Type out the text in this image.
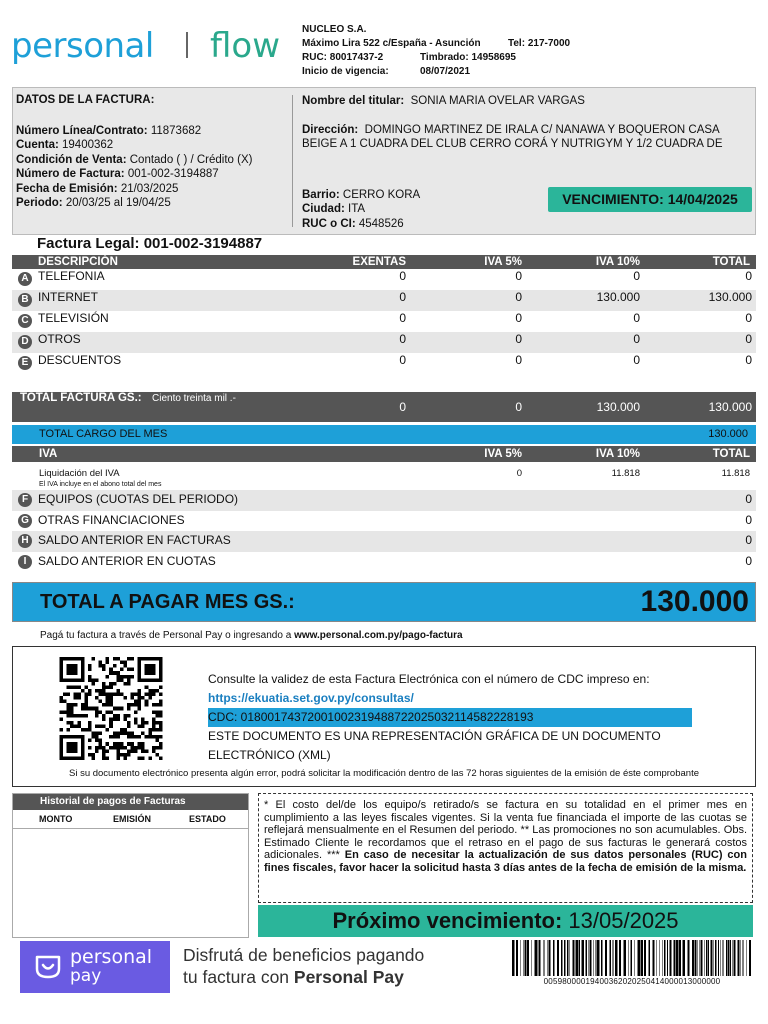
personal flow NUCLEO S.A.
Máximo Lira 522 c/España - Asunción	Tel: 217-7000
RUC: 80017437-2	Timbrado: 14958695
Inicio de vigencia:	08/07/2021
DATOS DE LA FACTURA:
Número Línea/Contrato: 11873682
Cuenta: 19400362
Condición de Venta: Contado ( ) / Crédito (X)
Número de Factura: 001-002-3194887
Fecha de Emisión: 21/03/2025
Periodo: 20/03/25 al 19/04/25
Nombre del titular: SONIA MARIA OVELAR VARGAS
Dirección: DOMINGO MARTINEZ DE IRALA C/ NANAWA Y BOQUERON CASA
BEIGE A 1 CUADRA DEL CLUB CERRO CORÁ Y NUTRIGYM Y 1/2 CUADRA DE
Barrio: CERRO KORA
Ciudad: ITA
RUC o CI: 4548526
VENCIMIENTO: 14/04/2025
Factura Legal: 001-002-3194887
DESCRIPCIÓN	EXENTAS	IVA 5%	IVA 10%	TOTAL
A TELEFONIA	0	0	0	0
B INTERNET	0	0	130.000	130.000
C TELEVISIÓN	0	0	0	0
D OTROS	0	0	0	0
E DESCUENTOS	0	0	0	0
TOTAL FACTURA GS.: Ciento treinta mil .-
0	0	130.000	130.000
TOTAL CARGO DEL MES	130.000
IVA	IVA 5%	IVA 10%	TOTAL
Liquidación del IVA
El IVA incluye en el abono total del mes
0	11.818	11.818
F EQUIPOS (CUOTAS DEL PERIODO)	0
G OTRAS FINANCIACIONES	0
H SALDO ANTERIOR EN FACTURAS	0
I SALDO ANTERIOR EN CUOTAS	0
TOTAL A PAGAR MES GS.:	130.000
Pagá tu factura a través de Personal Pay o ingresando a www.personal.com.py/pago-factura
Consulte la validez de esta Factura Electrónica con el número de CDC impreso en:
https://ekuatia.set.gov.py/consultas/
CDC: 01800174372001002319488722025032114582228193
ESTE DOCUMENTO ES UNA REPRESENTACIÓN GRÁFICA DE UN DOCUMENTO ELECTRÓNICO (XML)
Si su documento electrónico presenta algún error, podrá solicitar la modificación dentro de las 72 horas siguientes de la emisión de éste comprobante
Historial de pagos de Facturas
MONTO	EMISIÓN	ESTADO
* El costo del/de los equipo/s retirado/s se factura en su totalidad en el primer mes en cumplimiento a las leyes fiscales vigentes. Si la venta fue financiada el importe de las cuotas se reflejará mensualmente en el Resumen del periodo. ** Las promociones no son acumulables. Obs. Estimado Cliente le recordamos que el retraso en el pago de sus facturas le generará costos adicionales. *** En caso de necesitar la actualización de sus datos personales (RUC) con fines fiscales, favor hacer la solicitud hasta 3 días antes de la fecha de emisión de la misma.
Próximo vencimiento: 13/05/2025
personal
pay
Disfrutá de beneficios pagando
tu factura con Personal Pay	00598000019400362020250414000013000000
